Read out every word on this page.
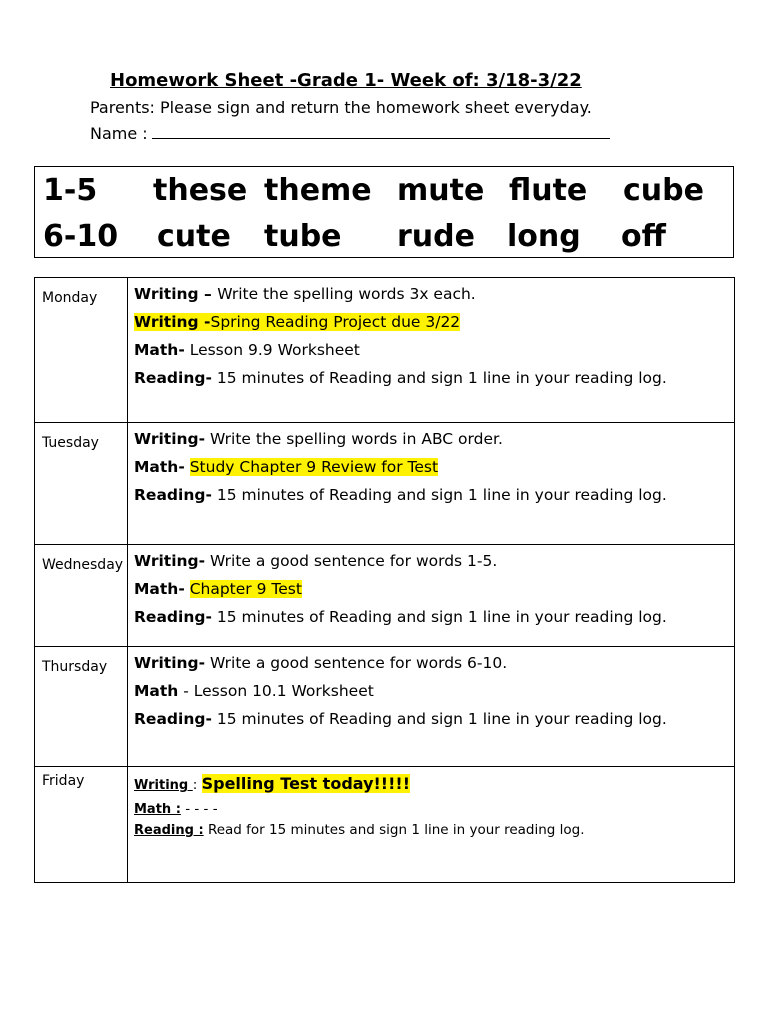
Homework Sheet -Grade 1- Week of: 3/18-3/22
Parents: Please sign and return the homework sheet everyday.
Name :
1-5 these theme mute flute cube
6-10 cute tube rude long off
Monday	Writing – Write the spelling words 3x each.
Writing -Spring Reading Project due 3/22
Math- Lesson 9.9 Worksheet
Reading- 15 minutes of Reading and sign 1 line in your reading log.

Tuesday	Writing- Write the spelling words in ABC order.
Math- Study Chapter 9 Review for Test
Reading- 15 minutes of Reading and sign 1 line in your reading log.

Wednesday	Writing- Write a good sentence for words 1-5.
Math- Chapter 9 Test
Reading- 15 minutes of Reading and sign 1 line in your reading log.

Thursday	Writing- Write a good sentence for words 6-10.
Math - Lesson 10.1 Worksheet
Reading- 15 minutes of Reading and sign 1 line in your reading log.

Friday	Writing : Spelling Test today!!!!!
Math : - - - -
Reading : Read for 15 minutes and sign 1 line in your reading log.
